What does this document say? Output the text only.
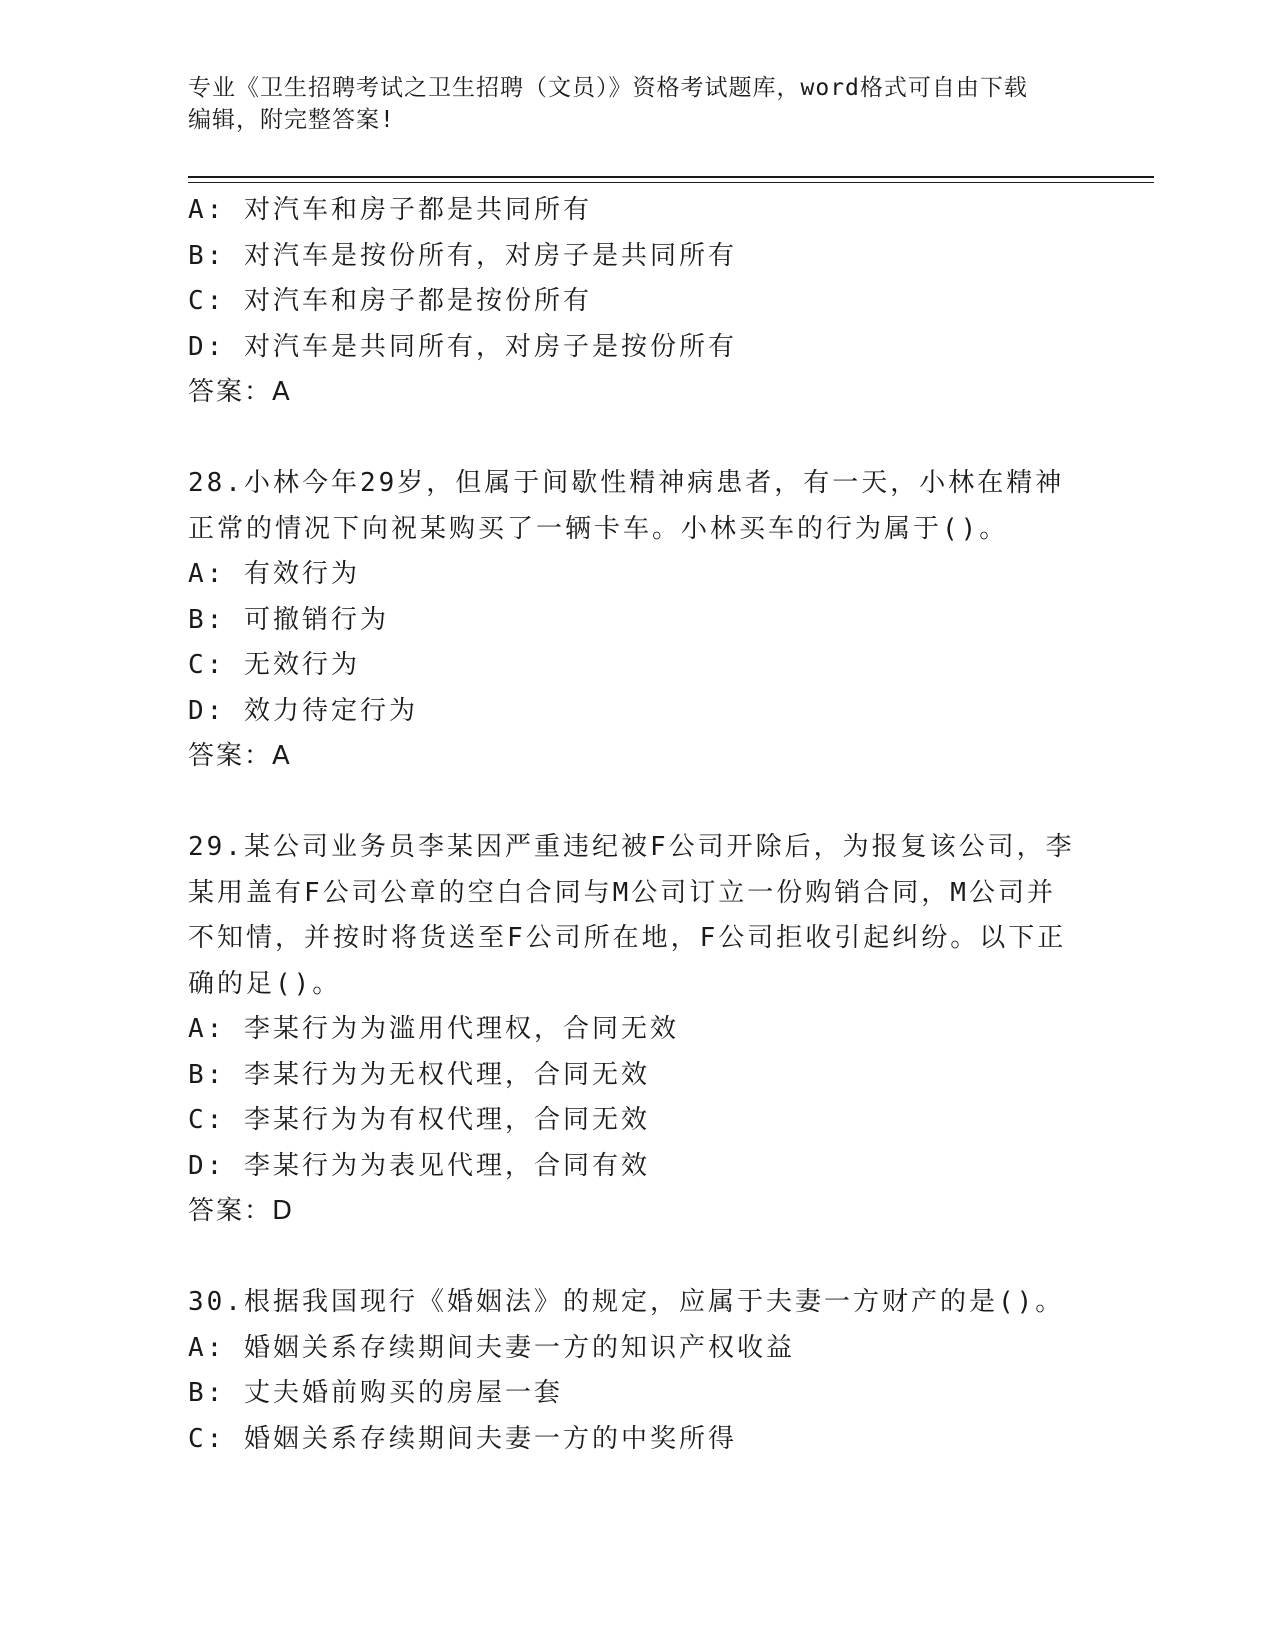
专业《卫生招聘考试之卫生招聘（文员）》资格考试题库，word格式可自由下载
编辑，附完整答案!
A: 对汽车和房子都是共同所有
B: 对汽车是按份所有，对房子是共同所有
C: 对汽车和房子都是按份所有
D: 对汽车是共同所有，对房子是按份所有
答案：A
28.小林今年29岁，但属于间歇性精神病患者，有一天，小林在精神
正常的情况下向祝某购买了一辆卡车。小林买车的行为属于()。
A: 有效行为
B: 可撤销行为
C: 无效行为
D: 效力待定行为
答案：A
29.某公司业务员李某因严重违纪被F公司开除后，为报复该公司，李
某用盖有F公司公章的空白合同与M公司订立一份购销合同，M公司并
不知情，并按时将货送至F公司所在地，F公司拒收引起纠纷。以下正
确的足()。
A: 李某行为为滥用代理权，合同无效
B: 李某行为为无权代理，合同无效
C: 李某行为为有权代理，合同无效
D: 李某行为为表见代理，合同有效
答案：D
30.根据我国现行《婚姻法》的规定，应属于夫妻一方财产的是()。
A: 婚姻关系存续期间夫妻一方的知识产权收益
B: 丈夫婚前购买的房屋一套
C: 婚姻关系存续期间夫妻一方的中奖所得
